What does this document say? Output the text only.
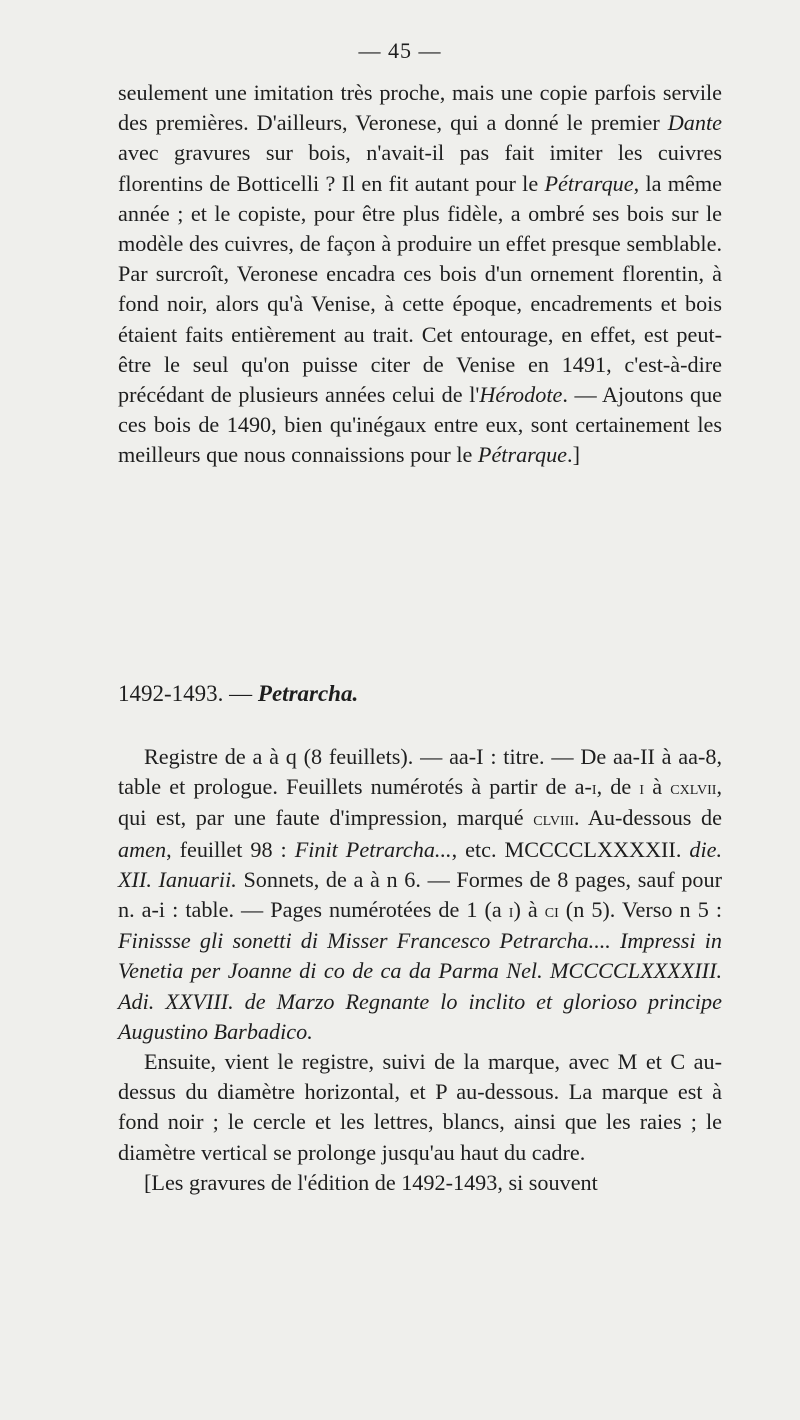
— 45 —

seulement une imitation très proche, mais une copie parfois servile des premières. D'ailleurs, Veronese, qui a donné le premier Dante avec gravures sur bois, n'avait-il pas fait imiter les cuivres florentins de Botticelli ? Il en fit autant pour le Pétrarque, la même année ; et le copiste, pour être plus fidèle, a ombré ses bois sur le modèle des cuivres, de façon à produire un effet presque semblable. Par surcroît, Veronese encadra ces bois d'un ornement florentin, à fond noir, alors qu'à Venise, à cette époque, encadrements et bois étaient faits entièrement au trait. Cet entourage, en effet, est peut-être le seul qu'on puisse citer de Venise en 1491, c'est-à-dire précédant de plusieurs années celui de l'Hérodote. — Ajoutons que ces bois de 1490, bien qu'inégaux entre eux, sont certainement les meilleurs que nous connaissions pour le Pétrarque.]

1492-1493. — Petrarcha.

Registre de a à q (8 feuillets). — aa-I : titre. — De aa-II à aa-8, table et prologue. Feuillets numérotés à partir de a-i, de i à cxlvii, qui est, par une faute d'impression, marqué clviii. Au-dessous de amen, feuillet 98 : Finit Petrarcha..., etc. MCCCCLXXXXII. die. XII. Ianuarii. Sonnets, de a à n 6. — Formes de 8 pages, sauf pour n. a-i : table. — Pages numérotées de 1 (a i) à ci (n 5). Verso n 5 : Finissse gli sonetti di Misser Francesco Petrarcha.... Impressi in Venetia per Joanne di co de ca da Parma Nel. MCCCCLXXXXIII. Adi. XXVIII. de Marzo Regnante lo inclito et glorioso principe Augustino Barbadico.

Ensuite, vient le registre, suivi de la marque, avec M et C au-dessus du diamètre horizontal, et P au-dessous. La marque est à fond noir ; le cercle et les lettres, blancs, ainsi que les raies ; le diamètre vertical se prolonge jusqu'au haut du cadre.

[Les gravures de l'édition de 1492-1493, si souvent
